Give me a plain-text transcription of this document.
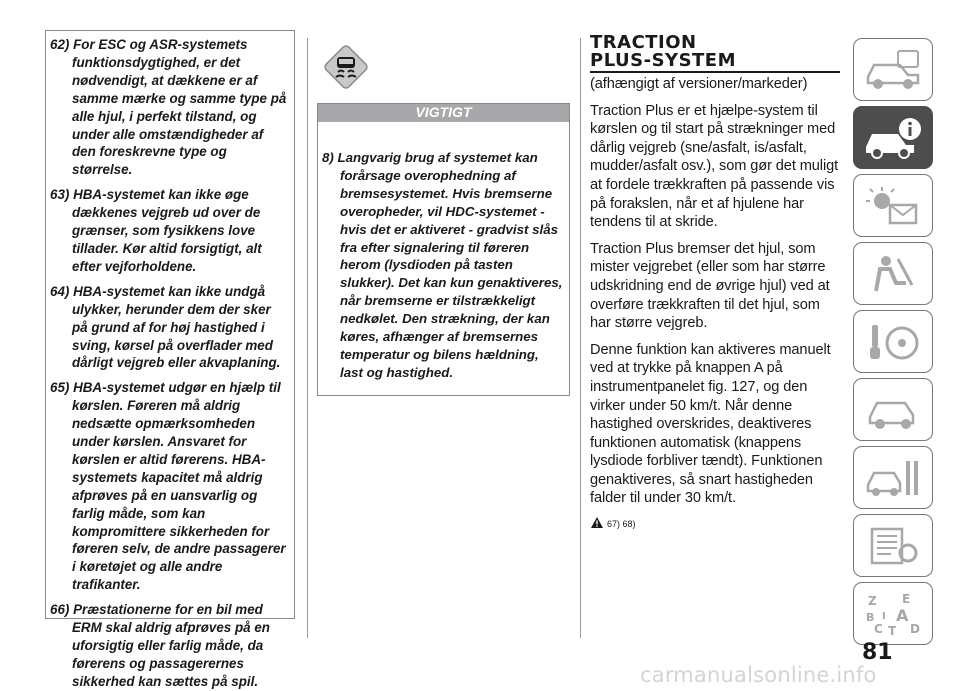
62) For ESC og ASR-systemets funktionsdygtighed, er det nødvendigt, at dækkene er af samme mærke og samme type på alle hjul, i perfekt tilstand, og under alle omstændigheder af den foreskrevne type og størrelse.

63) HBA-systemet kan ikke øge dækkenes vejgreb ud over de grænser, som fysikkens love tillader. Kør altid forsigtigt, alt efter vejforholdene.

64) HBA-systemet kan ikke undgå ulykker, herunder dem der sker på grund af for høj hastighed i sving, kørsel på overflader med dårligt vejgreb eller akvaplaning.

65) HBA-systemet udgør en hjælp til kørslen. Føreren må aldrig nedsætte opmærksomheden under kørslen. Ansvaret for kørslen er altid førerens. HBA-systemets kapacitet må aldrig afprøves på en uansvarlig og farlig måde, som kan kompromittere sikkerheden for føreren selv, de andre passagerer i køretøjet og alle andre trafikanter.

66) Præstationerne for en bil med ERM skal aldrig afprøves på en uforsigtig eller farlig måde, da førerens og passagerernes sikkerhed kan sættes på spil.

VIGTIGT

8) Langvarig brug af systemet kan forårsage overophedning af bremsesystemet. Hvis bremserne overopheder, vil HDC-systemet - hvis det er aktiveret - gradvist slås fra efter signalering til føreren herom (lysdioden på tasten slukker). Det kan kun genaktiveres, når bremserne er tilstrækkeligt nedkølet. Den strækning, der kan køres, afhænger af bremsernes temperatur og bilens hældning, last og hastighed.

TRACTION
PLUS-SYSTEM

(afhængigt af versioner/markeder)

Traction Plus er et hjælpe-system til kørslen og til start på strækninger med dårlig vejgreb (sne/asfalt, is/asfalt, mudder/asfalt osv.), som gør det muligt at fordele trækkraften på passende vis på forakslen, når et af hjulene har tendens til at skride.

Traction Plus bremser det hjul, som mister vejgrebet (eller som har større udskridning end de øvrige hjul) ved at overføre trækkraften til det hjul, som har større vejgreb.

Denne funktion kan aktiveres manuelt ved at trykke på knappen A på instrumentpanelet fig. 127, og den virker under 50 km/t. Når denne hastighed overskrides, deaktiveres funktionen automatisk (knappens lysdiode forbliver tændt). Funktionen genaktiveres, så snart hastigheden falder til under 30 km/t.

67) 68)
Z E
B A
C T D
I
81
carmanualsonline.info
